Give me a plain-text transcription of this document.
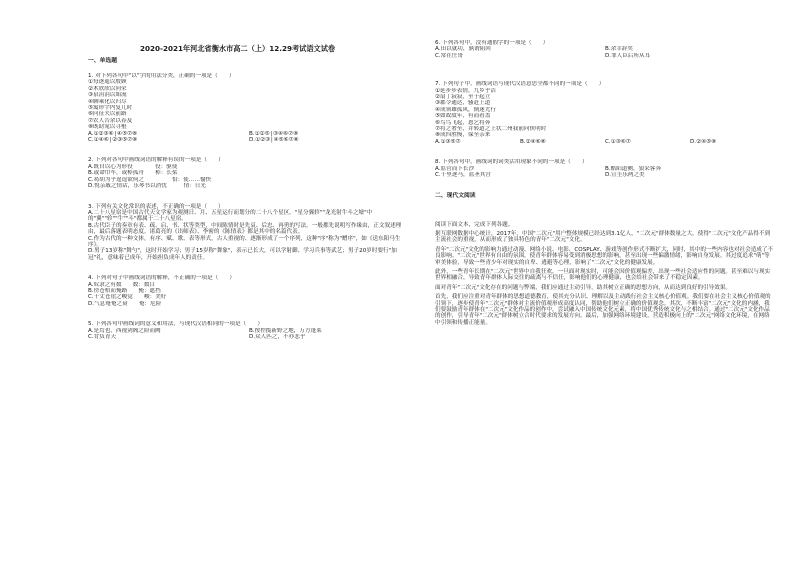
2020-2021年河北省衡水市高二（上）12.29考试语文试卷
一、单选题
1. 对下列各句中"以"字的用法分类，正确的一项是（　　）
①每逐遥以殷顾
②木欣欣以向荣
③泉涓涓以始流
④聊乘化以归尽
⑤寓形宇内复几时
⑥问征夫以前路
⑦农人告余以春及
⑧既窈窕以寻壑
A.①②③⑥│④⑤⑦⑧	B.①②⑤│③④⑥⑦⑧
C.①④⑥│②③⑤⑦⑧	D.①②③│④⑤⑥⑦⑧
2. 下列对各句中画线词语的解释有误的一项是（　　）
A.既自以心为形役　　　　役：驱使
B.或命巾车，或棹孤舟　　棹：长桨
C.曷胡为乎遑遑欲何之　　　　　恰：使……愉快
D.悦亲戚之情话，乐琴书以消忧　　　情：日光
3. 下列有关文化常识的表述，不正确的一项是（　　）
A.二十八星宿是中国古代天文学家为观测日、月、五星运行而划分的二十八个星区。"星分翼轸""龙光射牛斗之墟"中的"翼""轸""牛""斗"都属于二十八星宿。
B.古代臣子的奏章有表、疏、启、书、状等类型，中间陈情时是先哀、后忠、再勇的写法。一般都先说明写作缘由，正文叙述理由，最后落题表明态度。诸葛亮的《出师表》、李密的《陈情表》都是其中的名篇代表。
C.作为古代的一种文体，有序、赋、歌、表等形式，古人重视的、逐渐形成了一个序列，这种"序"称为"赠序"，如《送东阳马生序》。
D.男子13岁称"舞勺"，这时开始学习；男子15岁称"舞象"，表示已长大，可以学射御、学习兵事等武艺；男子20岁时要行"加冠"礼，意味着已成年，开始担负成年人的责任。
4. 下列对句子中画线词语的解释，不正确的一项是（　　）
A.奴隶之有数　　数：数目
B.傍苍梧而掩路　　掩：遮挡
C.千丈苍崖之峻觉　　峻：美好
D.气息奄奄之衰　　奄：危险
5. 下列各句中画线词的意义和用法，与现代汉语相同的一项是（　　）
A.是焉也，西视剑阁之险而阙	B.按控揽新野之地，万方蓬莱
C.背负青天	D.众人匹之，不亦悲乎
6. 下列各句中，没有通假字的一项是（　　）
A.田以就功，孰谓阻回	B.余幸辞矣
C.常在庄哥	D.罪人臣后所从耳
7. 下列句子中，画线词语与现代汉语意思全都不同的一项是（　　）
①延步步表情，九乡乎洁
②扇丁寂寂，至于起立
③郡令通达，骚赶上道
④成领雄孤风，倒迷尤行
⑤如故故年，有而看盖
⑥鸟鸟飞起，恩乞将奔
⑦将之奢至，并转道之上状二州我前向侠明时
⑧成四胜慢，保至亲来
A.①③⑤⑦	B.②④⑥⑧	C.①③⑥⑦	D.②④⑤⑧
8. 下列各句中，画线词的词类活用现象不同的一项是（　　）
A.监营而下长沙	B.酷阳道侧，狼采客奔
C.千里逐马，蓝圣其宫	D.宣圭乐两之美
二、现代文阅读
阅读下面文本，完成下列各题。
据互联网数据中心统计，2017年，中国"二次元"用户整体规模已经达到3.1亿人，"二次元"群体数量之大，使得"二次元"文化产品得不到主流社会的重视，从而形成了独具特色的青年"二次元"文化。
青年"二次元"文化的影响力通过动漫、网络小说、电影、COSPLAY、游戏等创作形式不断扩大，同时，其中的一些内容也对社会造成了不良影响。"二次元"世界有自由的氛围，使青年群体容易受到消极思想的影响，甚至出现一些偏激情绪，影响自身发展。其过度追求"萌"等审美体验，导致一些青少年对现实的自卑、逃避等心理，影响了"二次元"文化的健康发展。
此外，一些青年长期在"二次元"世界中自我狂欢，一旦面对现实时，可能会因价值观偏差，出现一些社会适应性的问题。甚至难以与现实世界相融合，导致青年群体人际交往的疏离与不信任，影响他们的心理健康，也会给社会带来了不稳定因素。
面对青年"二次元"文化存在的问题与弊端，我们应通过主动引导，助其树立正确的思想方向，从而达到良好的引导效果。
首先，我们应注重对青年群体的思想道德教育，使其充分认识、理解以及主动践行社会主义核心价值观。我们要在社会主义核心价值观的引领下，逐步使青年"二次元"群体对主流价值观形成高度认同，帮助他们树立正确的价值观念。其次，不断丰富"二次元"文化的内涵，我们要鼓励青年群体在"二次元"文化作品的创作中，尝试融入中国传统文化元素，将中国优秀传统文化与之相结合。通过"二次元"文化作品的创作，引导青年"二次元"群体树立合时代要求的发展方向。最后，加强网络环境建设，营造积极向上的"二次元"网络文化环境，在网络中引领和传播正能量。
